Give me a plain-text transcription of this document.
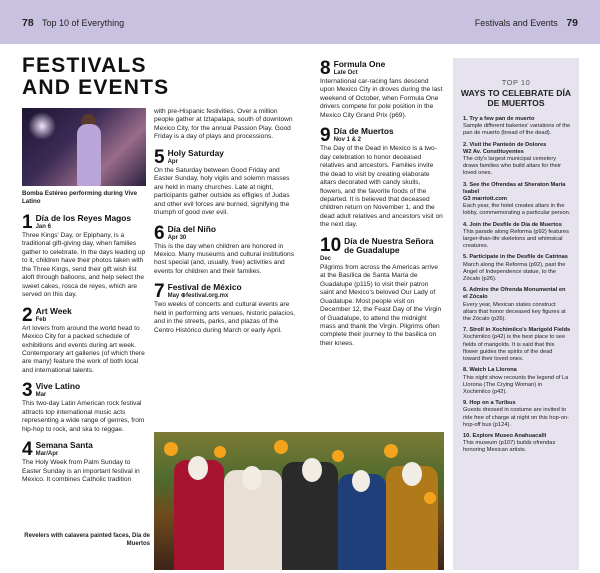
78 Top 10 of Everything	Festivals and Events 79
FESTIVALS
AND EVENTS
Bomba Estéreo performing during Vive Latino
1 Día de los Reyes Magos
Jan 6
Three Kings' Day, or Epiphany, is a traditional gift-giving day, when families gather to celebrate. In the days leading up to it, children have their photos taken with the Three Kings, send their gift wish list aloft through balloons, and help select the sweet cakes, rosca de reyes, which are served on this day.
2 Art Week
Feb
Art lovers from around the world head to Mexico City for a packed schedule of exhibitions and events during art week. Contemporary art galleries (of which there are many) feature the work of both local and international talents.
3 Vive Latino
Mar
This two-day Latin American rock festival attracts top international music acts representing a wide range of genres, from hip-hop to rock, and ska to reggae.
4 Semana Santa
Mar/Apr
The Holy Week from Palm Sunday to Easter Sunday is an important festival in Mexico. It combines Catholic tradition
with pre-Hispanic festivities. Over a million people gather at Iztapalapa, south of downtown Mexico City, for the annual Passion Play. Good Friday is a day of plays and processions.
5 Holy Saturday
Apr
On the Saturday between Good Friday and Easter Sunday, holy vigils and solemn masses are held in many churches. Late at night, participants gather outside as effigies of Judas and other evil forces are burned, signifying the triumph of good over evil.
6 Día del Niño
Apr 30
This is the day when children are honored in Mexico. Many museums and cultural institutions host special (and, usually, free) activities and events for children and their families.
7 Festival de México
May ⊕festival.org.mx
Two weeks of concerts and cultural events are held in performing arts venues, historic palacios, and in the streets, parks, and plazas of the Centro Histórico during March or early April.
8 Formula One
Late Oct
International car-racing fans descend upon Mexico City in droves during the last weekend of October, when Formula One drivers compete for pole position in the Mexico City Grand Prix (p69).
9 Día de Muertos
Nov 1 & 2
The Day of the Dead in Mexico is a two-day celebration to honor deceased relatives and ancestors. Families invite the dead to visit by creating elaborate altars decorated with candy skulls, flowers, and the favorite foods of the departed. It is believed that deceased children return on November 1, and the dead adult relatives and ancestors visit on the next day.
10 Día de Nuestra Señora de Guadalupe
Dec
Pilgrims from across the Americas arrive at the Basílica de Santa María de Guadalupe (p115) to visit their patron saint and Mexico's beloved Our Lady of Guadalupe. Most people visit on December 12, the Feast Day of the Virgin of Guadalupe, to attend the midnight mass and thank the Virgin. Pilgrims often complete their journey to the basilica on their knees.
Revelers with calavera painted faces, Día de Muertos
TOP 10
WAYS TO CELEBRATE DÍA DE MUERTOS
1. Try a few pan de muerto
Sample different bakeries' variations of the pan de muerto (bread of the dead).
2. Visit the Panteón de Dolores
W2 Av. Constituyentes
The city's largest municipal cemetery draws families who build altars for their loved ones.
3. See the Ofrendas at Sheraton María Isabel
G3 marriott.com
Each year, the hotel creates altars in the lobby, commemorating a particular person.
4. Join the Desfile de Día de Muertos
This parade along Reforma (p92) features larger-than-life skeletons and whimsical creatures.
5. Participate in the Desfile de Catrinas
March along the Reforma (p92), past the Angel of Independence statue, to the Zócalo (p26).
6. Admire the Ofrenda Monumental en el Zócalo
Every year, Mexican states construct altars that honor deceased key figures at the Zócalo (p26).
7. Stroll in Xochimilco's Marigold Fields
Xochimilco (p42) is the best place to see fields of marigolds. It is said that this flower guides the spirits of the dead toward their loved ones.
8. Watch La Llorona
This night show recounts the legend of La Llorona (The Crying Woman) in Xochimilco (p42).
9. Hop on a Turibus
Guests dressed in costume are invited to ride free of charge at night on this hop-on-hop-off bus (p124).
10. Explore Museo Anahuacalli
This museum (p107) builds ofrendas honoring Mexican artists.
